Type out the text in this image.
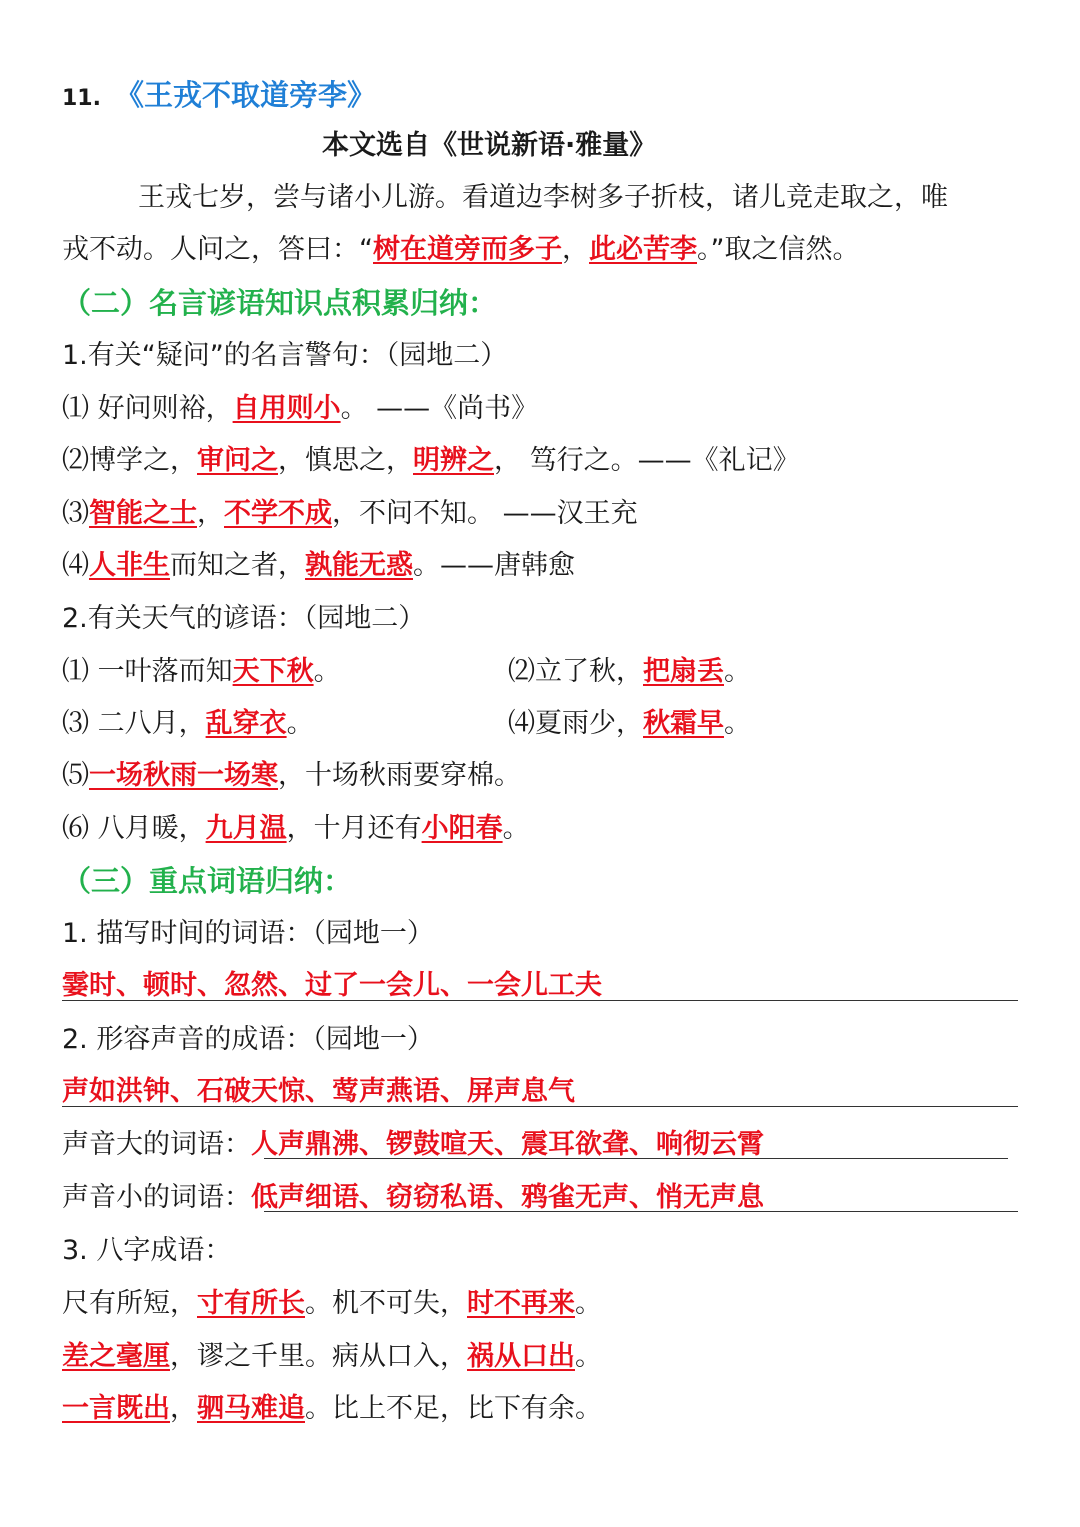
11. 《王戎不取道旁李》
本文选自《世说新语·雅量》
王戎七岁，尝与诸小儿游。看道边李树多子折枝，诸儿竞走取之，唯
戎不动。人问之，答曰：“树在道旁而多子，此必苦李。”取之信然。
（二）名言谚语知识点积累归纳：
1.有关“疑问”的名言警句：（园地二）
⑴ 好问则裕，自用则小。 ——《尚书》
⑵博学之，审问之，慎思之，明辨之， 笃行之。——《礼记》
⑶智能之士，不学不成，不问不知。 ——汉王充
⑷人非生而知之者，孰能无惑。——唐韩愈
2.有关天气的谚语：（园地二）
⑴ 一叶落而知天下秋。	⑵立了秋，把扇丢。
⑶ 二八月，乱穿衣。	⑷夏雨少，秋霜早。
⑸一场秋雨一场寒，十场秋雨要穿棉。
⑹ 八月暖，九月温，十月还有小阳春。
（三）重点词语归纳：
1. 描写时间的词语：（园地一）
霎时、顿时、忽然、过了一会儿、一会儿工夫
2. 形容声音的成语：（园地一）
声如洪钟、石破天惊、莺声燕语、屏声息气
声音大的词语：人声鼎沸、锣鼓喧天、震耳欲聋、响彻云霄
声音小的词语：低声细语、窃窃私语、鸦雀无声、悄无声息
3. 八字成语：
尺有所短，寸有所长。机不可失，时不再来。
差之毫厘，谬之千里。病从口入，祸从口出。
一言既出，驷马难追。比上不足，比下有余。
